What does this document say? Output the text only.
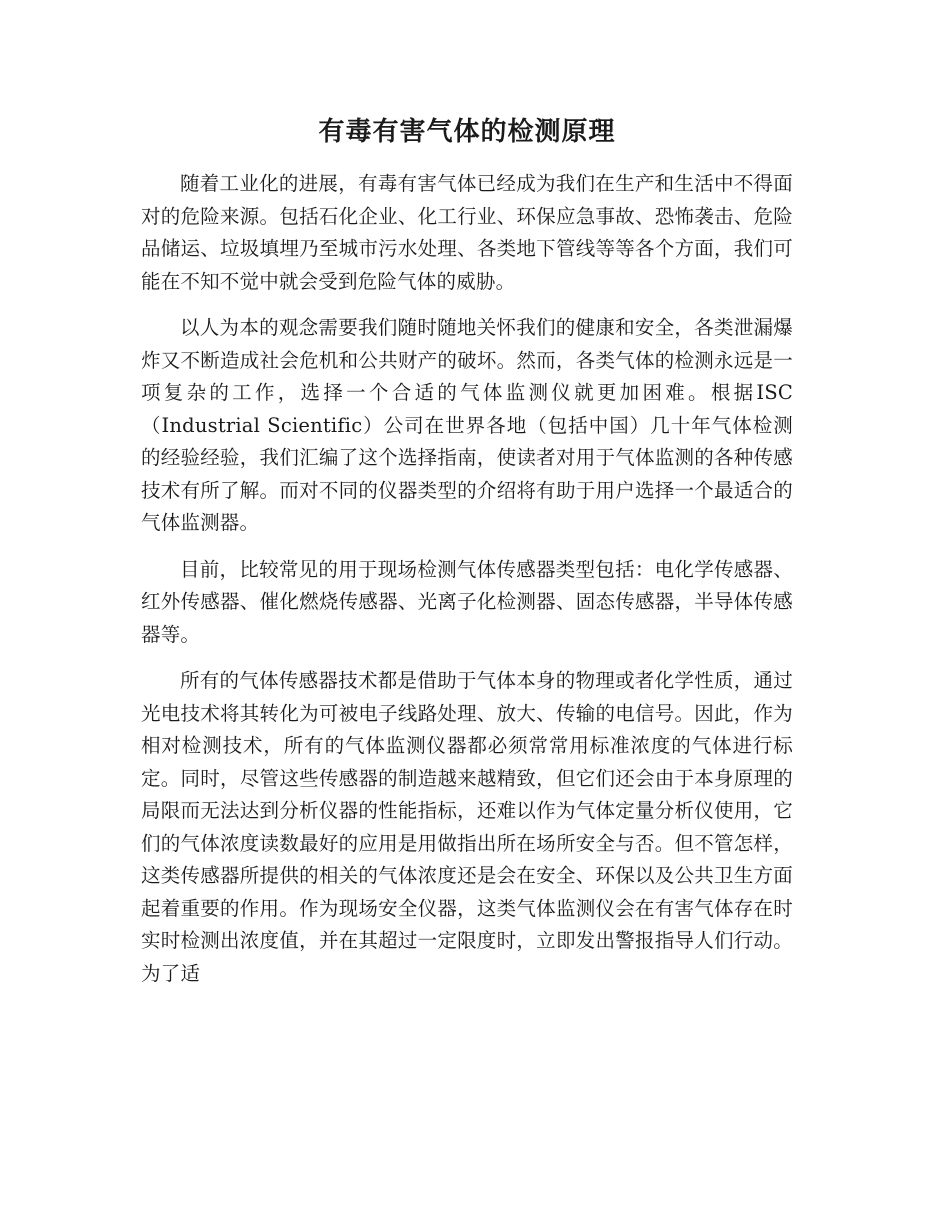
有毒有害气体的检测原理

随着工业化的进展，有毒有害气体已经成为我们在生产和生活中不得面对的危险来源。包括石化企业、化工行业、环保应急事故、恐怖袭击、危险品储运、垃圾填埋乃至城市污水处理、各类地下管线等等各个方面，我们可能在不知不觉中就会受到危险气体的威胁。

以人为本的观念需要我们随时随地关怀我们的健康和安全，各类泄漏爆炸又不断造成社会危机和公共财产的破坏。然而，各类气体的检测永远是一项复杂的工作，选择一个合适的气体监测仪就更加困难。根据ISC（Industrial Scientific）公司在世界各地（包括中国）几十年气体检测的经验经验，我们汇编了这个选择指南，使读者对用于气体监测的各种传感技术有所了解。而对不同的仪器类型的介绍将有助于用户选择一个最适合的气体监测器。

目前，比较常见的用于现场检测气体传感器类型包括：电化学传感器、红外传感器、催化燃烧传感器、光离子化检测器、固态传感器，半导体传感器等。

所有的气体传感器技术都是借助于气体本身的物理或者化学性质，通过光电技术将其转化为可被电子线路处理、放大、传输的电信号。因此，作为相对检测技术，所有的气体监测仪器都必须常常用标准浓度的气体进行标定。同时，尽管这些传感器的制造越来越精致，但它们还会由于本身原理的局限而无法达到分析仪器的性能指标，还难以作为气体定量分析仪使用，它们的气体浓度读数最好的应用是用做指出所在场所安全与否。但不管怎样，这类传感器所提供的相关的气体浓度还是会在安全、环保以及公共卫生方面起着重要的作用。作为现场安全仪器，这类气体监测仪会在有害气体存在时实时检测出浓度值，并在其超过一定限度时，立即发出警报指导人们行动。为了适
